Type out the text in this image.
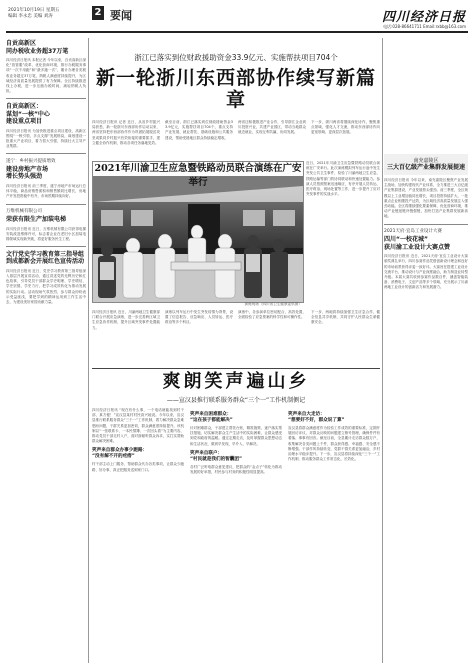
2021年10月19日 星期五
编辑 李永忠 美编 刘涛	2 要闻	四川经济日报
电话:028-86641711 Email:rxbb@163.com
自贡高新区
同办税收业务超37万笔
四川经济日报讯 本报记者 今年以来，自贡高新区深化“放管服”改革，优化营商环境，推行办税服务事项“一次不用跑”和“最多跑一次”，累计办理各类税收业务超过37万笔，纳税人满意度持续提升，为区域经济高质量发展提供了有力保障。全区持续推进线上办税，进一步压缩办税时间，减轻纳税人负担。
自贡高新区：
谋划“一核”中心
建设重点项目
四川经济日报讯 为加快推进重点项目建设，高新区围绕“一核引领、多点支撑”发展格局，谋划建设一批重大产业项目，着力招大引强，持续壮大主导产业集群。
遂宁：乡村振兴提质增效
建设房地产市场
增长势头强劲
四川经济日报讯 前三季度，遂宁房地产市场运行总体平稳，商品房销售面积和销售额同比增长，房地产开发投资稳中有升，市场预期持续向好。
万维机械有限公司
荣获有限生产加装电梯
四川经济日报讯 近日，万维机械有限公司获得电梯安装改造维修许可，标志着企业在老旧小区加装电梯领域实现新突破，将更好服务民生工程。
文行党史学习教育第三指导组
到成都新会开展红色宣传活动
四川经济日报讯 近日，党史学习教育第三指导组深入基层开展宣讲活动，通过讲述党的光辉历史和红色故事，引导党员干部群众学史明理、学史增信、学史崇德、学史力行，把学习成效转化为推动发展的实际行动。活动现场气氛热烈，参与群众纷纷表示受益匪浅，要把学到的精神运用到工作生活中去，为建设美好家园贡献力量。
浙江已落实到位财政援助资金33.9亿元、实施帮扶项目704个
新一轮浙川东西部协作续写新篇章
四川经济日报讯 记者 近日，从省乡村振兴局获悉，新一轮浙川东西部协作启动以来，两省坚持把东西部协作作为巩固拓展脱贫攻坚成果同乡村振兴有效衔接的重要抓手，建立健全协作机制，推动各项任务落地见效。
截至目前，浙江已落实到位财政援助资金33.9亿元，实施帮扶项目704个，重点支持产业发展、就业帮扶、基础设施和公共服务建设，帮助受援地区群众持续稳定增收。
两省还积极推进产业合作，引导浙江企业到川投资兴业，共建产业园区，带动当地群众就近就业，实现互利共赢、协同发展。
下一步，浙川两省将继续深化协作，聚焦重点领域，强化人才交流，推动东西部协作向更宽领域、更深层次拓展。
2021年川渝卫生应急暨铁路动员联合演练在广安举行
演练现场（四川省卫生健康委供图）
近日，2021年川渝卫生应急暨铁路动员联合演练在广安举行。此次演练模拟列车运行途中发生突发公共卫生事件，检验了川渝两地卫生应急、铁路运输等部门的协同联动和快速处置能力。参演人员按照预案迅速响应，有序开展人员转运、医疗救治、现场处置等工作，进一步提升了应对突发事件的实战水平。
四川经济日报讯 近日，川渝两地卫生健康部门联合开展应急演练，进一步完善跨区域卫生应急协作机制，提升区域突发事件处置能力。
演练以列车运行中发生突发疫情为背景，设置了信息报告、应急响应、人员转运、医疗救治等多个科目。
演练中，各参演单位密切配合，高效处置，全面检验了应急预案的科学性和可操作性。
下一步，两地将持续加强卫生应急合作，健全信息共享机制，共同守护人民群众生命健康安全。
爽朗笑声遍山乡
——宣汉县推行联系服务群众“三个一”工作机制侧记
四川经济日报讯 “现在有什么事，一个电话就能找到村干部，真方便！”宣汉县某村村民高兴地说。今年以来，宣汉县推行联系服务群众“三个一”工作机制，着力解决群众急难愁盼问题，干群关系更加密切，群众满意度持续提升。该机制以“一张联系卡、一本民情簿、一次回头看”为主要内容，推动党员干部走村入户，面对面倾听群众诉求，实打实帮助群众解决困难。
笑声来自群众办事少跑路：
“没有解不开的疙瘩”
村干部主动上门服务，帮助群众代办各类事项，让群众少跑路、好办事，真正把服务送到家门口。
笑声来自困难群众：
“这在孩子都能解决”
针对困难群众，干部建立帮扶台账，精准施策，逐户落实帮扶措施，切实解决群众生产生活中的实际困难，让群众感受到党和政府的温暖。通过定期走访，及时掌握群众思想动态和生活状况，做到早发现、早介入、早解决。
笑声来自联户：
“村民就是我们的智囊团”
各村广泛听取群众意见建议，把群众的“金点子”转化为推动发展的好举措，村民参与村务的积极性明显提高。
笑声来自大走访：
“想要好不好，群众说了算”
宣汉县将群众满意度作为检验工作成效的重要标准，定期开展回访评议，对群众反映的问题建立销号管理，确保件件有着落、事事有回音。截至目前，全县累计走访群众数万户，收集解决各类问题上千件，群众获得感、幸福感、安全感不断增强。干部作风持续转变，党群干群关系更加融洽，乡村治理水平稳步提升。下一步，宣汉县将持续深化“三个一”工作机制，推动服务群众工作常态化、长效化。
南充嘉陵区
三大百亿级产业集群发展提速
四川经济日报讯 今年以来，南充嘉陵区聚焦产业发展主战场，加快构建现代产业体系，全力推进三大百亿级产业集群建设，产业发展势头强劲。前三季度，全区规模以上工业增加值同比增长，项目投资持续扩大，一批重点企业相继投产达效，为区域经济高质量发展注入强劲动能。全区将继续强化要素保障，优化营商环境，推动产业链延链补链强链，加快打造产业集群发展新高地。
2021天府·宜岛工业设计大赛
四川“一校花城”
获川渝工业设计大赛点赞
四川经济日报讯 近日，2021天府·宜岛工业设计大赛颁奖典礼举行，四川参赛作品凭借创新设计理念和良好的市场前景获得评委一致好评。大赛旨在搭建工业设计交流平台，推动设计与产业深度融合，助力制造业转型升级。本届大赛共收到参赛作品数百件，涵盖智能装备、消费电子、文创产品等多个领域，充分展示了川渝两地工业设计的创新活力和发展潜力。
